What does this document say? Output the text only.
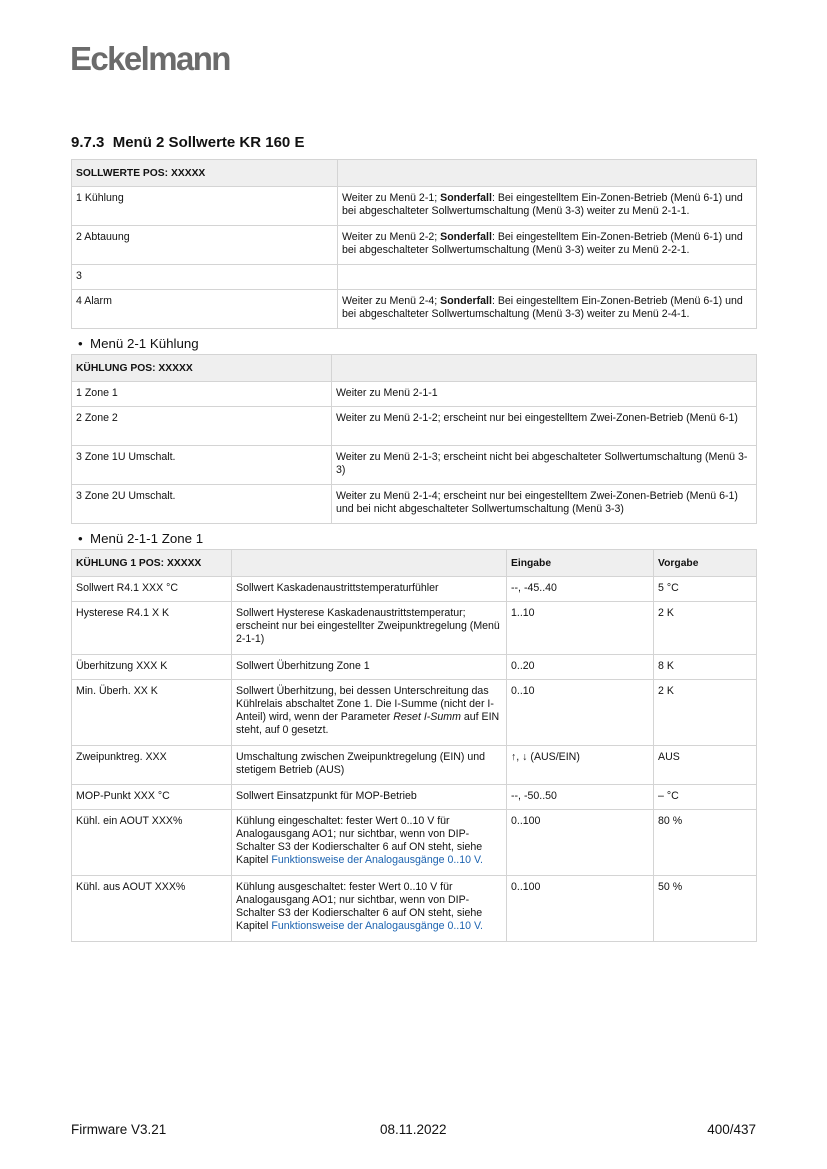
Eckelmann
9.7.3 Menü 2 Sollwerte KR 160 E
SOLLWERTE POS: XXXXX	
1 Kühlung	Weiter zu Menü 2-1; Sonderfall: Bei eingestelltem Ein-Zonen-Betrieb (Menü 6-1) und bei abgeschalteter Sollwertumschaltung (Menü 3-3) weiter zu Menü 2-1-1.
2 Abtauung	Weiter zu Menü 2-2; Sonderfall: Bei eingestelltem Ein-Zonen-Betrieb (Menü 6-1) und bei abgeschalteter Sollwertumschaltung (Menü 3-3) weiter zu Menü 2-2-1.
3	
4 Alarm	Weiter zu Menü 2-4; Sonderfall: Bei eingestelltem Ein-Zonen-Betrieb (Menü 6-1) und bei abgeschalteter Sollwertumschaltung (Menü 3-3) weiter zu Menü 2-4-1.
• Menü 2-1 Kühlung
KÜHLUNG POS: XXXXX	
1 Zone 1	Weiter zu Menü 2-1-1
2 Zone 2	Weiter zu Menü 2-1-2; erscheint nur bei eingestelltem Zwei-Zonen-Betrieb (Menü 6-1)
3 Zone 1U Umschalt.	Weiter zu Menü 2-1-3; erscheint nicht bei abgeschalteter Sollwertumschaltung (Menü 3-3)
3 Zone 2U Umschalt.	Weiter zu Menü 2-1-4; erscheint nur bei eingestelltem Zwei-Zonen-Betrieb (Menü 6-1) und bei nicht abgeschalteter Sollwertumschaltung (Menü 3-3)
• Menü 2-1-1 Zone 1
KÜHLUNG 1 POS: XXXXX		Eingabe	Vorgabe
Sollwert R4.1 XXX °C	Sollwert Kaskadenaustrittstemperaturfühler	--, -45..40	5 °C
Hysterese R4.1 X K	Sollwert Hysterese Kaskadenaustrittstemperatur; erscheint nur bei eingestellter Zweipunktregelung (Menü 2-1-1)	1..10	2 K
Überhitzung XXX K	Sollwert Überhitzung Zone 1	0..20	8 K
Min. Überh. XX K	Sollwert Überhitzung, bei dessen Unterschreitung das Kühlrelais abschaltet Zone 1. Die I-Summe (nicht der I-Anteil) wird, wenn der Parameter Reset I-Summ auf EIN steht, auf 0 gesetzt.	0..10	2 K
Zweipunktreg. XXX	Umschaltung zwischen Zweipunktregelung (EIN) und stetigem Betrieb (AUS)	↑, ↓ (AUS/EIN)	AUS
MOP-Punkt XXX °C	Sollwert Einsatzpunkt für MOP-Betrieb	--, -50..50	– °C
Kühl. ein AOUT XXX%	Kühlung eingeschaltet: fester Wert 0..10 V für Analogausgang AO1; nur sichtbar, wenn von DIP-Schalter S3 der Kodierschalter 6 auf ON steht, siehe Kapitel Funktionsweise der Analogausgänge 0..10 V.	0..100	80 %
Kühl. aus AOUT XXX%	Kühlung ausgeschaltet: fester Wert 0..10 V für Analogausgang AO1; nur sichtbar, wenn von DIP-Schalter S3 der Kodierschalter 6 auf ON steht, siehe Kapitel Funktionsweise der Analogausgänge 0..10 V.	0..100	50 %
Firmware V3.21	08.11.2022	400/437
